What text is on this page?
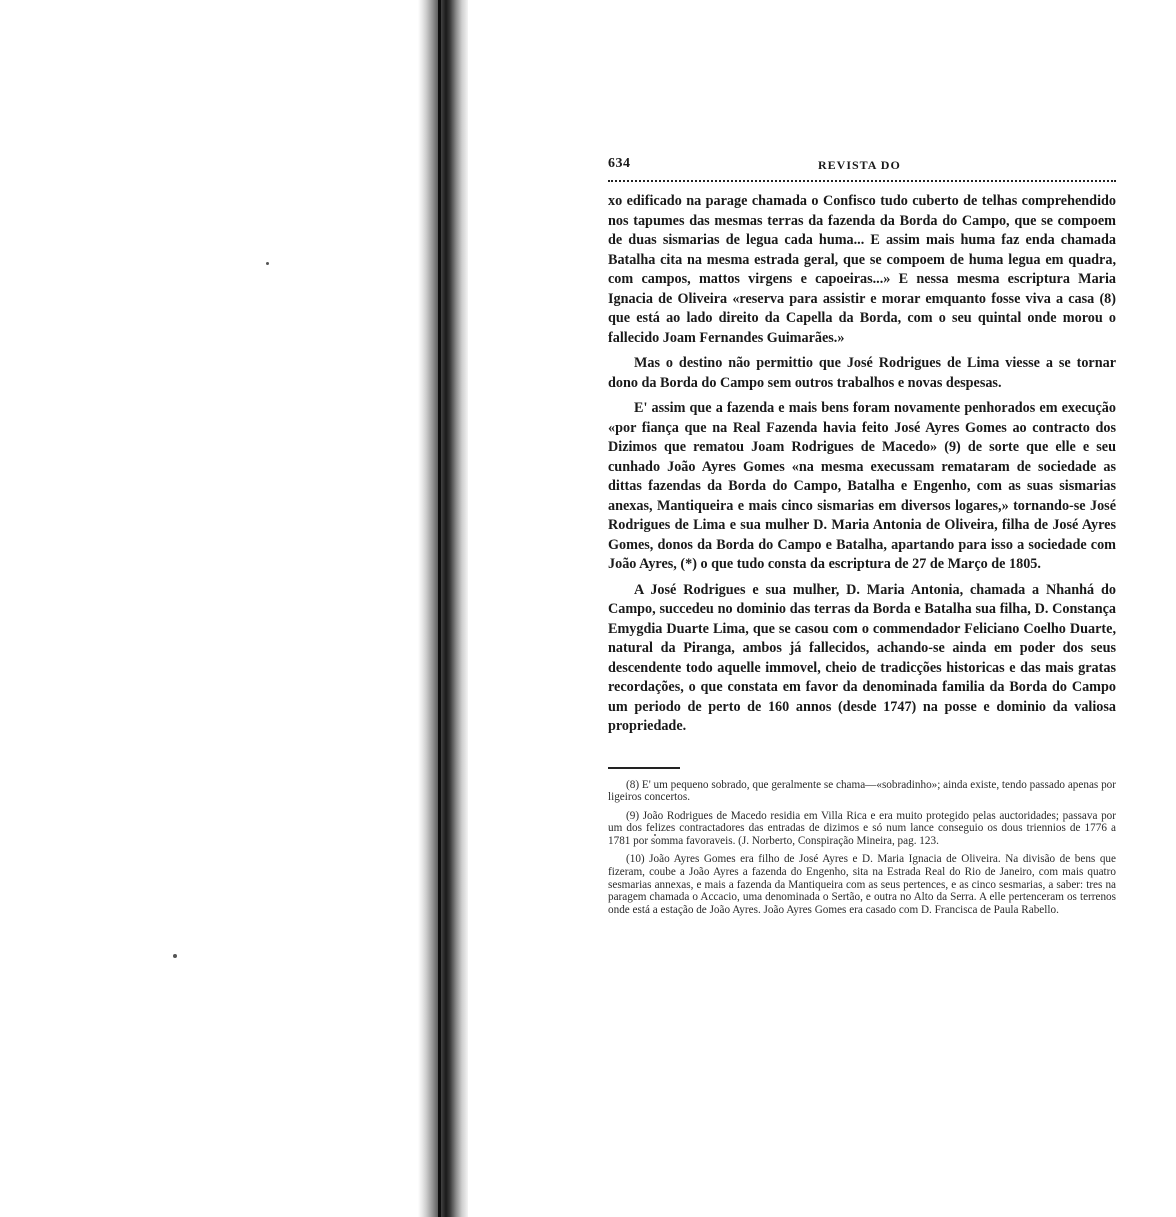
634	REVISTA DO

xo edificado na parage chamada o Confisco tudo cuberto de telhas comprehendido nos tapumes das mesmas terras da fazenda da Borda do Campo, que se compoem de duas sismarias de legua cada huma... E assim mais huma faz enda chamada Batalha cita na mesma estrada geral, que se compoem de huma legua em quadra, com campos, mattos virgens e capoeiras...» E nessa mesma escriptura Maria Ignacia de Oliveira «reserva para assistir e morar emquanto fosse viva a casa (8) que está ao lado direito da Capella da Borda, com o seu quintal onde morou o fallecido Joam Fernandes Guimarães.»

Mas o destino não permittio que José Rodrigues de Lima viesse a se tornar dono da Borda do Campo sem outros trabalhos e novas despesas.

E' assim que a fazenda e mais bens foram novamente penhorados em execução «por fiança que na Real Fazenda havia feito José Ayres Gomes ao contracto dos Dizimos que rematou Joam Rodrigues de Macedo» (9) de sorte que elle e seu cunhado João Ayres Gomes «na mesma execussam remataram de sociedade as dittas fazendas da Borda do Campo, Batalha e Engenho, com as suas sismarias anexas, Mantiqueira e mais cinco sismarias em diversos logares,» tornando-se José Rodrigues de Lima e sua mulher D. Maria Antonia de Oliveira, filha de José Ayres Gomes, donos da Borda do Campo e Batalha, apartando para isso a sociedade com João Ayres, (*) o que tudo consta da escriptura de 27 de Março de 1805.

A José Rodrigues e sua mulher, D. Maria Antonia, chamada a Nhanhá do Campo, succedeu no dominio das terras da Borda e Batalha sua filha, D. Constança Emygdia Duarte Lima, que se casou com o commendador Feliciano Coelho Duarte, natural da Piranga, ambos já fallecidos, achando-se ainda em poder dos seus descendente todo aquelle immovel, cheio de tradicções historicas e das mais gratas recordações, o que constata em favor da denominada familia da Borda do Campo um periodo de perto de 160 annos (desde 1747) na posse e dominio da valiosa propriedade.

(8) E' um pequeno sobrado, que geralmente se chama—«sobradinho»; ainda existe, tendo passado apenas por ligeiros concertos.

(9) João Rodrigues de Macedo residia em Villa Rica e era muito protegido pelas auctoridades; passava por um dos felizes contractadores das entradas de dizimos e só num lance conseguio os dous triennios de 1776 a 1781 por somma favoraveis. (J. Norberto, Conspiração Mineira, pag. 123.

(10) João Ayres Gomes era filho de José Ayres e D. Maria Ignacia de Oliveira. Na divisão de bens que fizeram, coube a João Ayres a fazenda do Engenho, sita na Estrada Real do Rio de Janeiro, com mais quatro sesmarias annexas, e mais a fazenda da Mantiqueira com as seus pertences, e as cinco sesmarias, a saber: tres na paragem chamada o Accacio, uma denominada o Sertão, e outra no Alto da Serra. A elle pertenceram os terrenos onde está a estação de João Ayres. João Ayres Gomes era casado com D. Francisca de Paula Rabello.
